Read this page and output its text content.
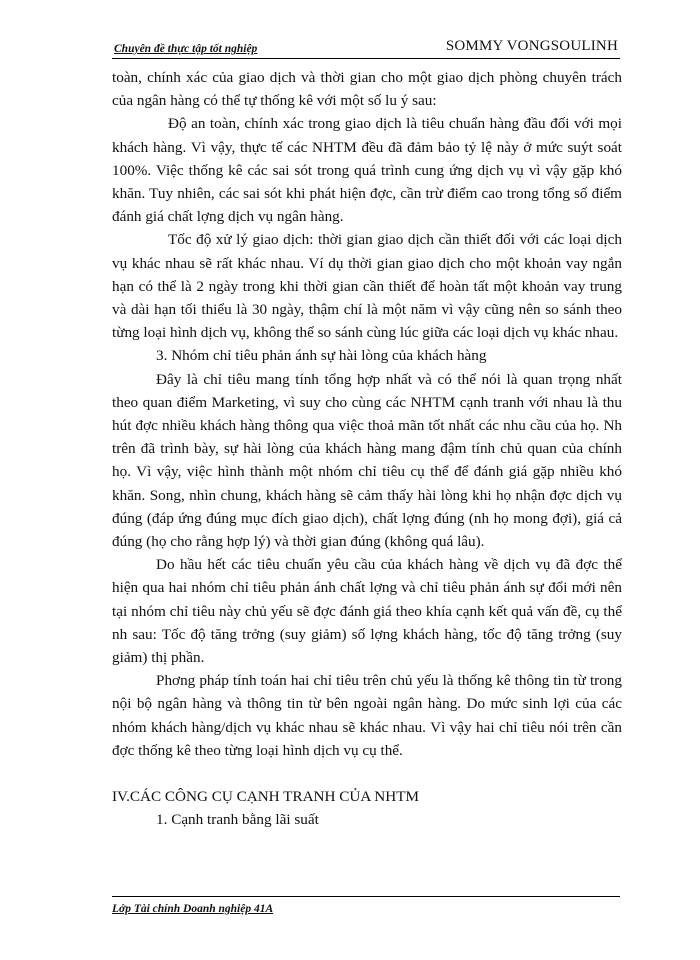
Chuyên đề thực tập tốt nghiệp	SOMMY VONGSOULINH

toàn, chính xác của giao dịch và thời gian cho một giao dịch phòng chuyên trách của ngân hàng có thể tự thống kê với một số lu ý sau:

Độ an toàn, chính xác trong giao dịch là tiêu chuẩn hàng đầu đối với mọi khách hàng. Vì vậy, thực tế các NHTM đều đã đảm bảo tỷ lệ này ở mức suýt soát 100%. Việc thống kê các sai sót trong quá trình cung ứng dịch vụ vì vậy gặp khó khăn. Tuy nhiên, các sai sót khi phát hiện đợc, cần trừ điểm cao trong tổng số điểm đánh giá chất lợng dịch vụ ngân hàng.

Tốc độ xử lý giao dịch: thời gian giao dịch cần thiết đối với các loại dịch vụ khác nhau sẽ rất khác nhau. Ví dụ thời gian giao dịch cho một khoản vay ngắn hạn có thể là 2 ngày trong khi thời gian cần thiết để hoàn tất một khoản vay trung và dài hạn tối thiểu là 30 ngày, thậm chí là một năm vì vậy cũng nên so sánh theo từng loại hình dịch vụ, không thể so sánh cùng lúc giữa các loại dịch vụ khác nhau.

3. Nhóm chỉ tiêu phản ánh sự hài lòng của khách hàng

Đây là chỉ tiêu mang tính tổng hợp nhất và có thể nói là quan trọng nhất theo quan điểm Marketing, vì suy cho cùng các NHTM cạnh tranh với nhau là thu hút đợc nhiều khách hàng thông qua việc thoả mãn tốt nhất các nhu cầu của họ. Nh trên đã trình bày, sự hài lòng của khách hàng mang đậm tính chủ quan của chính họ. Vì vậy, việc hình thành một nhóm chỉ tiêu cụ thể để đánh giá gặp nhiều khó khăn. Song, nhìn chung, khách hàng sẽ cảm thấy hài lòng khi họ nhận đợc dịch vụ đúng (đáp ứng đúng mục đích giao dịch), chất lợng đúng (nh họ mong đợi), giá cả đúng (họ cho rằng hợp lý) và thời gian đúng (không quá lâu).

Do hầu hết các tiêu chuẩn yêu cầu của khách hàng về dịch vụ đã đợc thể hiện qua hai nhóm chỉ tiêu phản ánh chất lợng và chỉ tiêu phản ánh sự đổi mới nên tại nhóm chỉ tiêu này chủ yếu sẽ đợc đánh giá theo khía cạnh kết quả vấn đề, cụ thể nh sau: Tốc độ tăng trởng (suy giảm) số lợng khách hàng, tốc độ tăng trởng (suy giảm) thị phần.

Phơng pháp tính toán hai chỉ tiêu trên chủ yếu là thống kê thông tin từ trong nội bộ ngân hàng và thông tin từ bên ngoài ngân hàng. Do mức sinh lợi của các nhóm khách hàng/dịch vụ khác nhau sẽ khác nhau. Vì vậy hai chỉ tiêu nói trên cần đợc thống kê theo từng loại hình dịch vụ cụ thể.

IV.CÁC CÔNG CỤ CẠNH TRANH CỦA NHTM

1. Cạnh tranh bằng lãi suất

Lớp Tài chính Doanh nghiệp 41A
